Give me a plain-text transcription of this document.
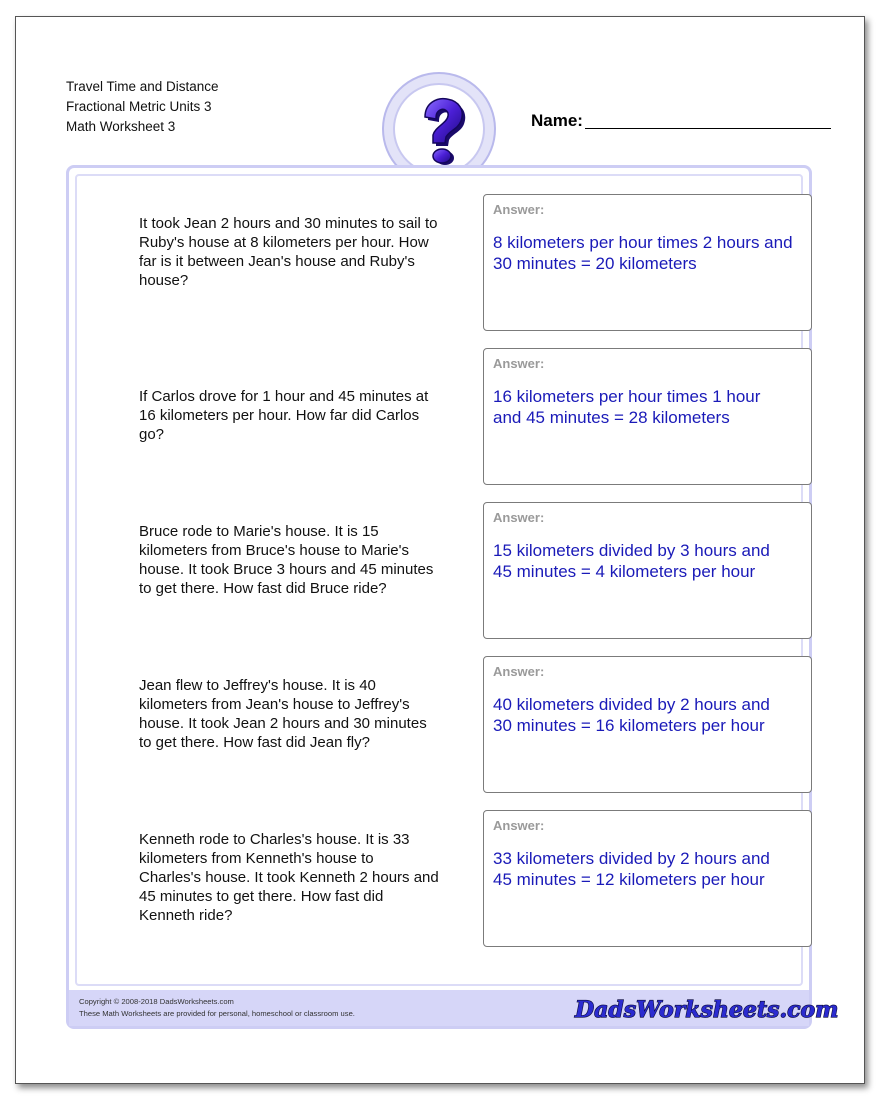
Travel Time and Distance
Fractional Metric Units 3
Math Worksheet 3	Name:
It took Jean 2 hours and 30 minutes to sail to Ruby's house at 8 kilometers per hour. How far is it between Jean's house and Ruby's house?
Answer:
8 kilometers per hour times 2 hours and 30 minutes = 20 kilometers
If Carlos drove for 1 hour and 45 minutes at 16 kilometers per hour. How far did Carlos go?
Answer:
16 kilometers per hour times 1 hour and 45 minutes = 28 kilometers
Bruce rode to Marie's house. It is 15 kilometers from Bruce's house to Marie's house. It took Bruce 3 hours and 45 minutes to get there. How fast did Bruce ride?
Answer:
15 kilometers divided by 3 hours and 45 minutes = 4 kilometers per hour
Jean flew to Jeffrey's house. It is 40 kilometers from Jean's house to Jeffrey's house. It took Jean 2 hours and 30 minutes to get there. How fast did Jean fly?
Answer:
40 kilometers divided by 2 hours and 30 minutes = 16 kilometers per hour
Kenneth rode to Charles's house. It is 33 kilometers from Kenneth's house to Charles's house. It took Kenneth 2 hours and 45 minutes to get there. How fast did Kenneth ride?
Answer:
33 kilometers divided by 2 hours and 45 minutes = 12 kilometers per hour
Copyright © 2008-2018 DadsWorksheets.com
These Math Worksheets are provided for personal, homeschool or classroom use.	DadsWorksheets.com
